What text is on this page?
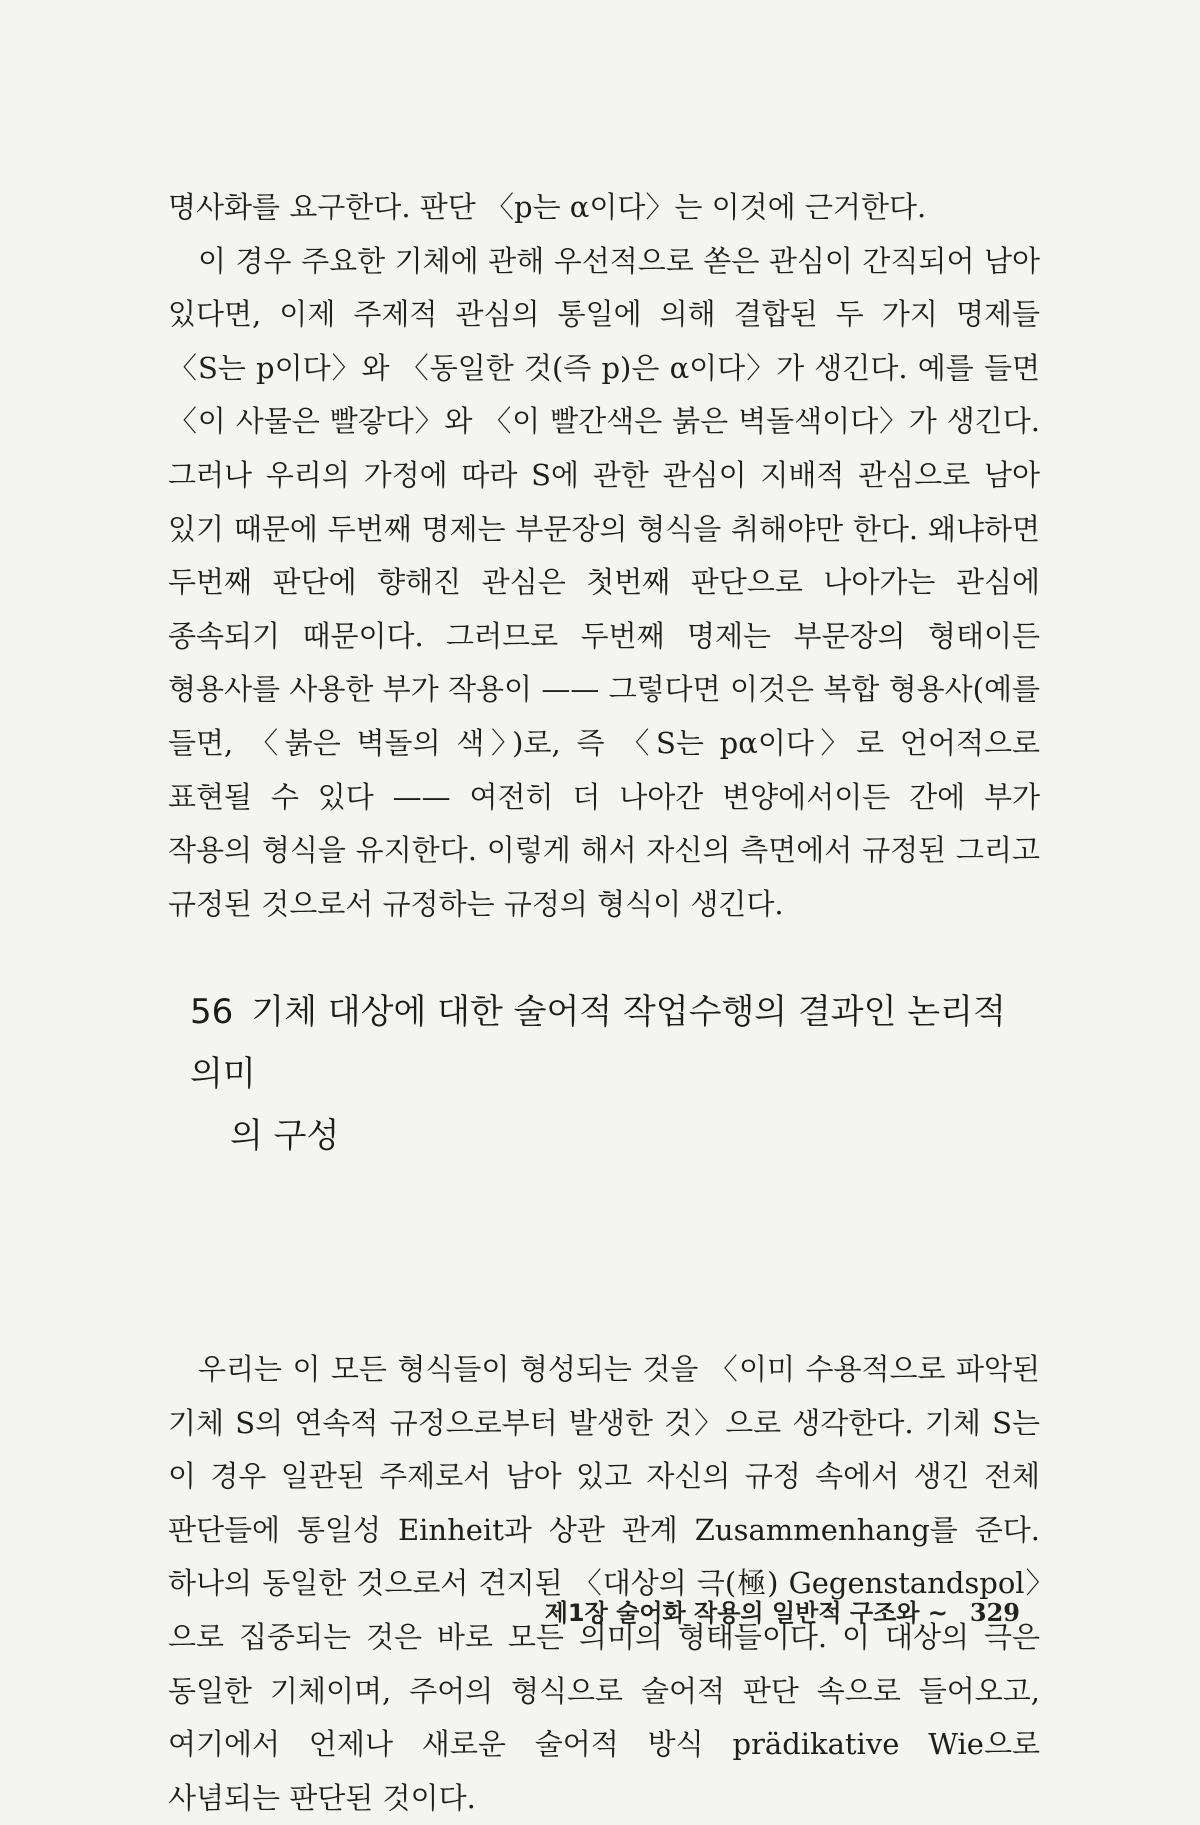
명사화를 요구한다. 판단 〈p는 α이다〉는 이것에 근거한다.

이 경우 주요한 기체에 관해 우선적으로 쏟은 관심이 간직되어 남아 있다면, 이제 주제적 관심의 통일에 의해 결합된 두 가지 명제들 〈S는 p이다〉와 〈동일한 것(즉 p)은 α이다〉가 생긴다. 예를 들면 〈이 사물은 빨갛다〉와 〈이 빨간색은 붉은 벽돌색이다〉가 생긴다. 그러나 우리의 가정에 따라 S에 관한 관심이 지배적 관심으로 남아 있기 때문에 두번째 명제는 부문장의 형식을 취해야만 한다. 왜냐하면 두번째 판단에 향해진 관심은 첫번째 판단으로 나아가는 관심에 종속되기 때문이다. 그러므로 두번째 명제는 부문장의 형태이든 형용사를 사용한 부가 작용이 —— 그렇다면 이것은 복합 형용사(예를 들면, 〈붉은 벽돌의 색〉)로, 즉 〈S는 pα이다〉로 언어적으로 표현될 수 있다 —— 여전히 더 나아간 변양에서이든 간에 부가 작용의 형식을 유지한다. 이렇게 해서 자신의 측면에서 규정된 그리고 규정된 것으로서 규정하는 규정의 형식이 생긴다.

56 기체 대상에 대한 술어적 작업수행의 결과인 논리적 의미
의 구성

우리는 이 모든 형식들이 형성되는 것을 〈이미 수용적으로 파악된 기체 S의 연속적 규정으로부터 발생한 것〉으로 생각한다. 기체 S는 이 경우 일관된 주제로서 남아 있고 자신의 규정 속에서 생긴 전체 판단들에 통일성 Einheit과 상관 관계 Zusammenhang를 준다. 하나의 동일한 것으로서 견지된 〈대상의 극(極) Gegenstandspol〉으로 집중되는 것은 바로 모든 의미의 형태들이다. 이 대상의 극은 동일한 기체이며, 주어의 형식으로 술어적 판단 속으로 들어오고, 여기에서 언제나 새로운 술어적 방식 prädikative Wie으로 사념되는 판단된 것이다.

제1장 술어화 작용의 일반적 구조와 ~ 329
